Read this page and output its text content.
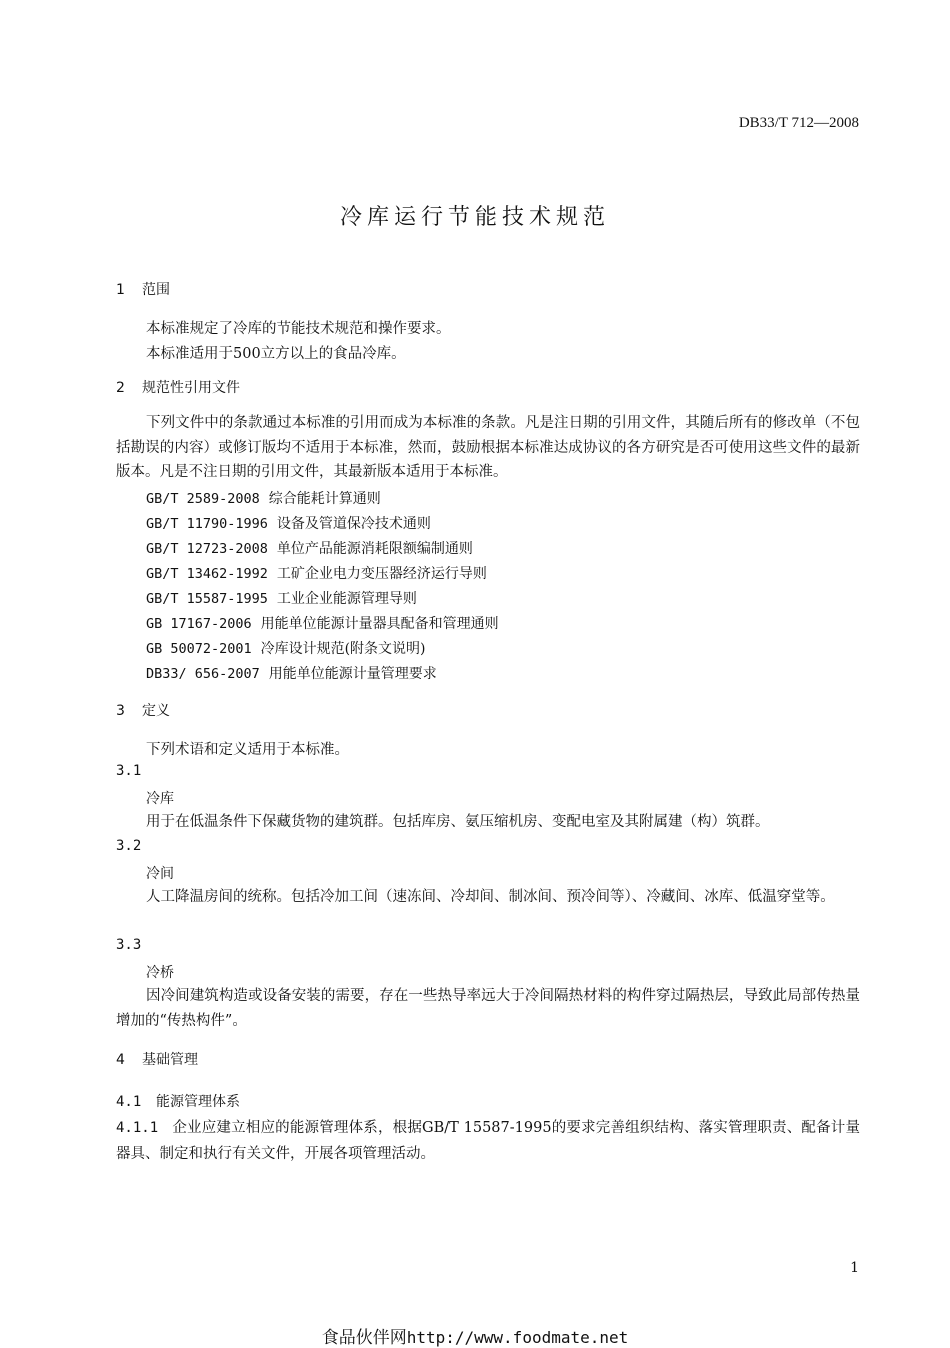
DB33/T 712—2008
冷库运行节能技术规范
1 范围
本标准规定了冷库的节能技术规范和操作要求。
本标准适用于500立方以上的食品冷库。
2 规范性引用文件
下列文件中的条款通过本标准的引用而成为本标准的条款。凡是注日期的引用文件，其随后所有的修改单（不包括勘误的内容）或修订版均不适用于本标准，然而，鼓励根据本标准达成协议的各方研究是否可使用这些文件的最新版本。凡是不注日期的引用文件，其最新版本适用于本标准。
GB/T 2589-2008 综合能耗计算通则
GB/T 11790-1996 设备及管道保冷技术通则
GB/T 12723-2008 单位产品能源消耗限额编制通则
GB/T 13462-1992 工矿企业电力变压器经济运行导则
GB/T 15587-1995 工业企业能源管理导则
GB 17167-2006 用能单位能源计量器具配备和管理通则
GB 50072-2001 冷库设计规范(附条文说明)
DB33/ 656-2007 用能单位能源计量管理要求
3 定义
下列术语和定义适用于本标准。
3.1
冷库
用于在低温条件下保藏货物的建筑群。包括库房、氨压缩机房、变配电室及其附属建（构）筑群。
3.2
冷间
人工降温房间的统称。包括冷加工间（速冻间、冷却间、制冰间、预冷间等）、冷藏间、冰库、低温穿堂等。
3.3
冷桥
因冷间建筑构造或设备安装的需要，存在一些热导率远大于冷间隔热材料的构件穿过隔热层，导致此局部传热量增加的“传热构件”。
4 基础管理
4.1 能源管理体系
4.1.1 企业应建立相应的能源管理体系，根据GB/T 15587-1995的要求完善组织结构、落实管理职责、配备计量器具、制定和执行有关文件，开展各项管理活动。
1
食品伙伴网http://www.foodmate.net
